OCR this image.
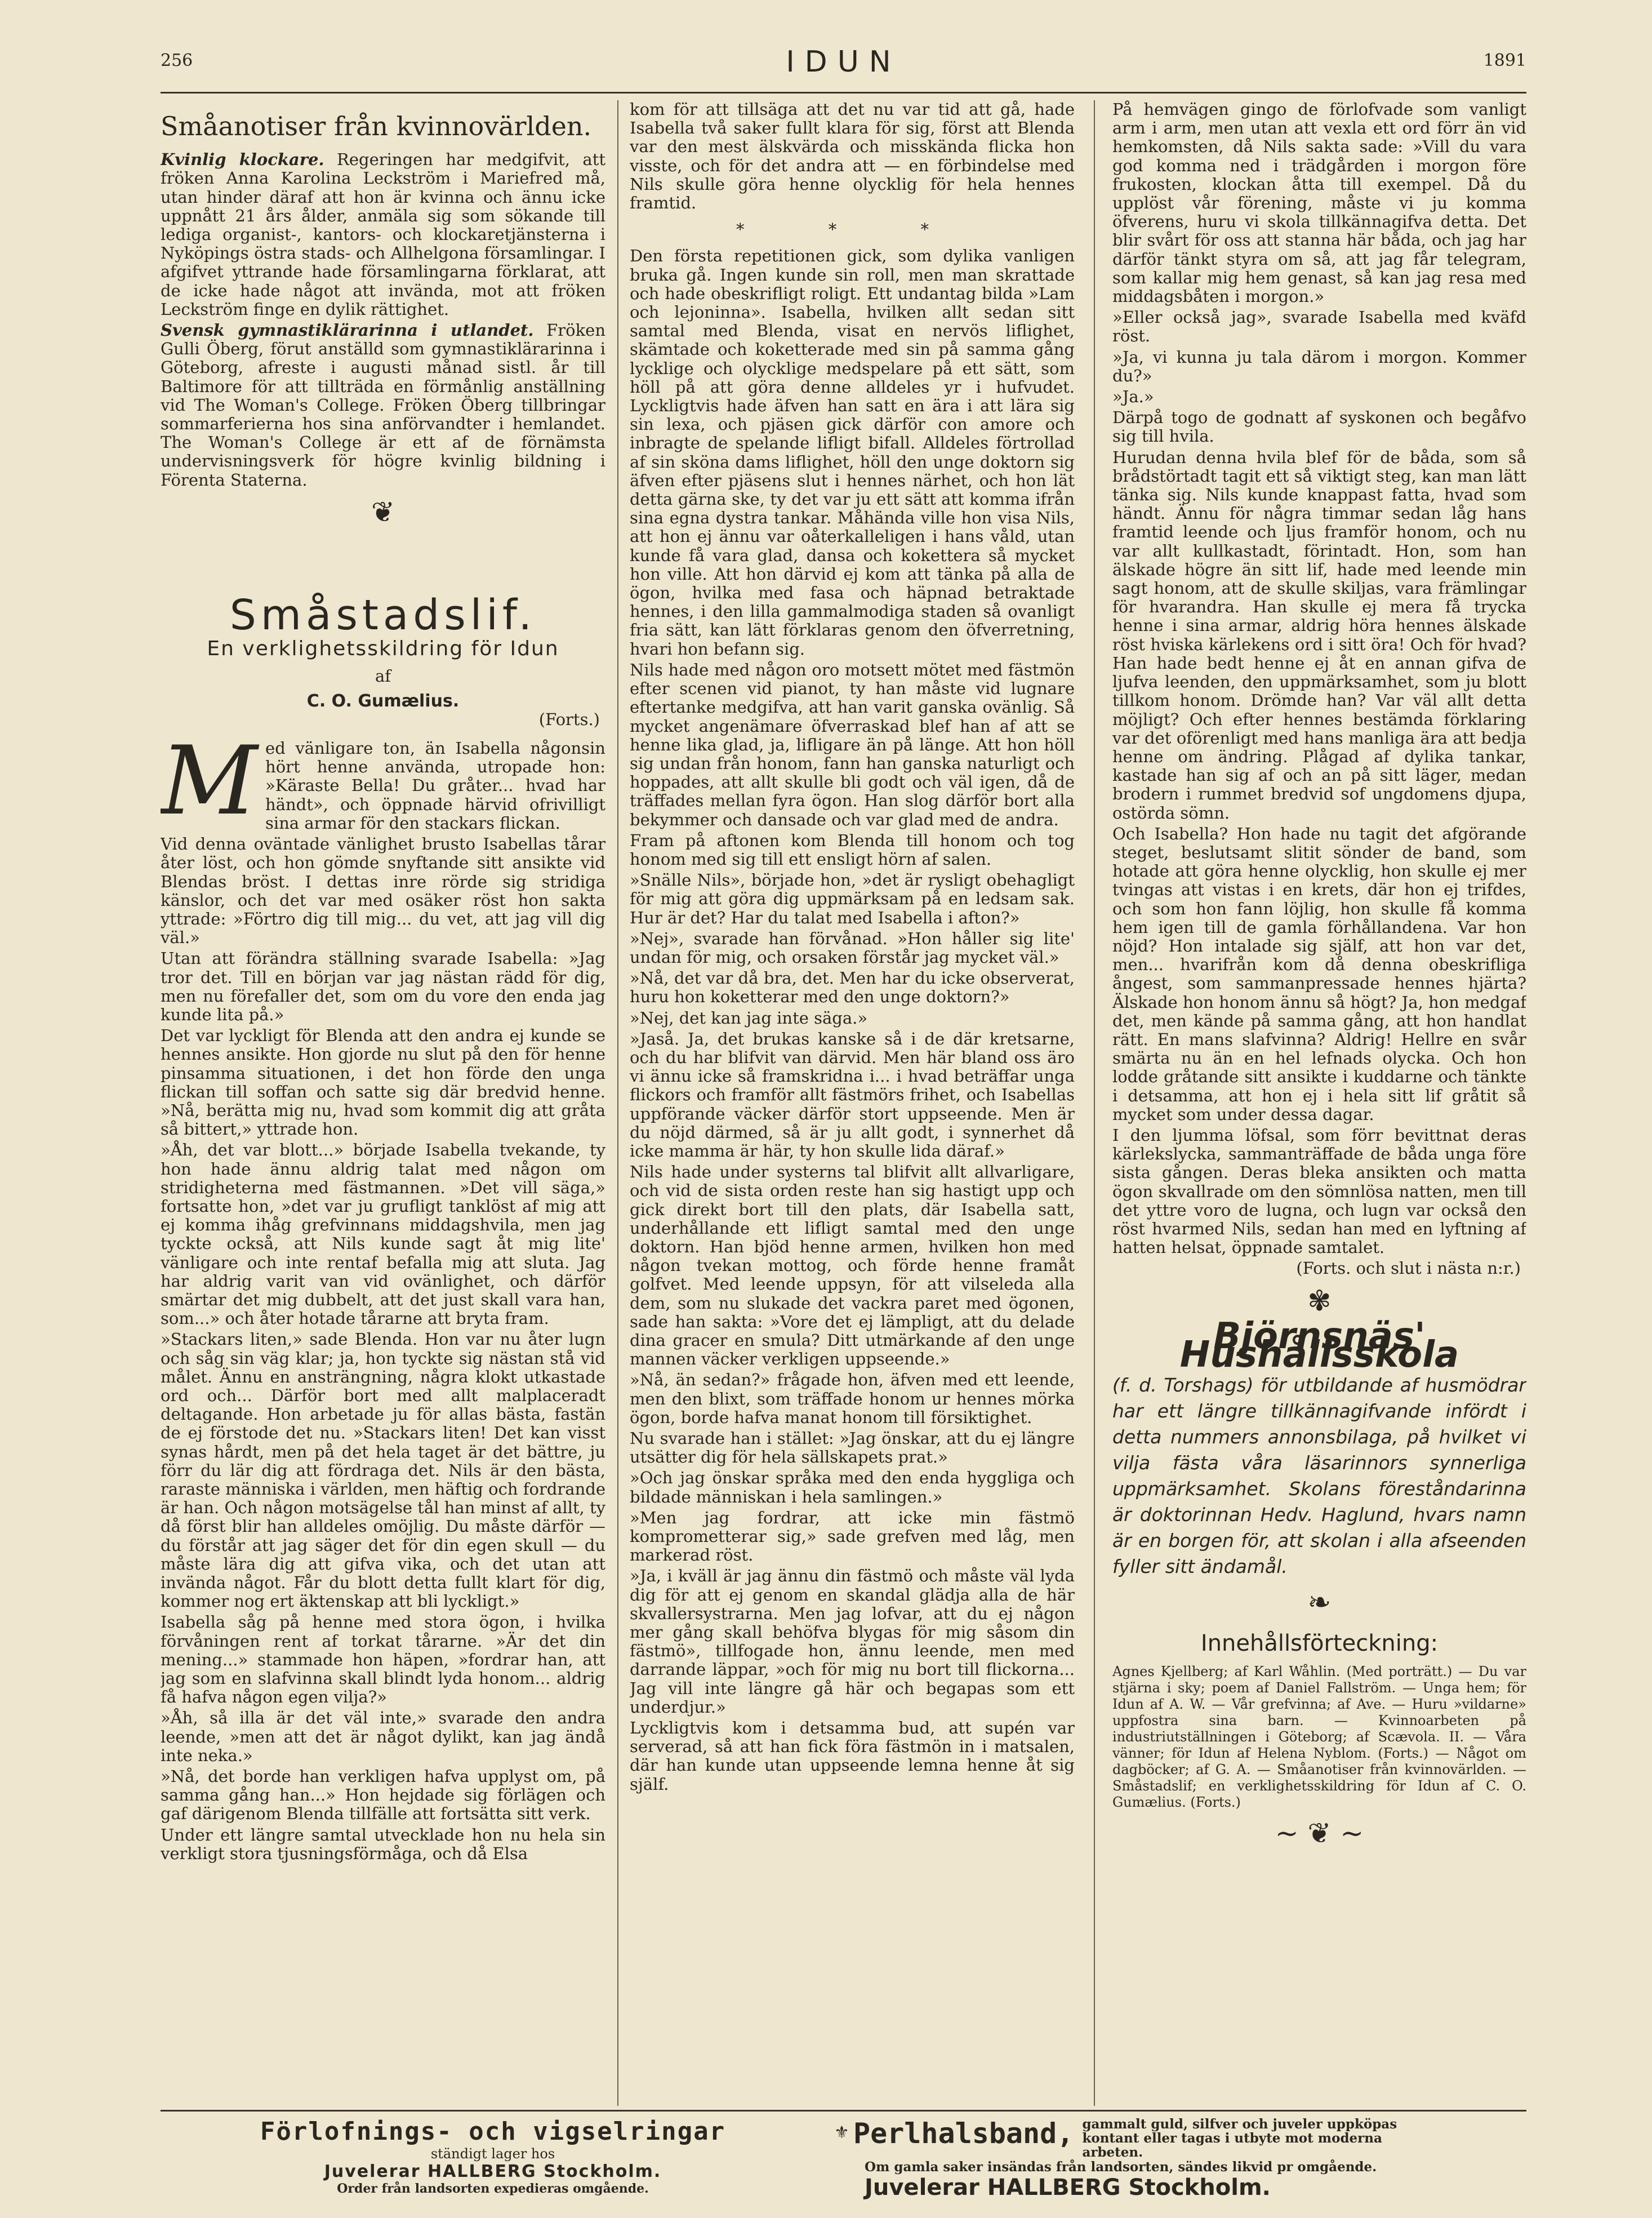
256	IDUN	1891
Småanotiser från kvinnovärlden.

Kvinlig klockare. Regeringen har medgifvit, att fröken Anna Karolina Leckström i Mariefred må, utan hinder däraf att hon är kvinna och ännu icke uppnått 21 års ålder, anmäla sig som sökande till lediga organist-, kantors- och klockaretjänsterna i Nyköpings östra stads- och Allhelgona församlingar. I afgifvet yttrande hade församlingarna förklarat, att de icke hade något att invända, mot att fröken Leckström finge en dylik rättighet.

Svensk gymnastiklärarinna i utlandet. Fröken Gulli Öberg, förut anställd som gymnastiklärarinna i Göteborg, afreste i augusti månad sistl. år till Baltimore för att tillträda en förmånlig anställning vid The Woman's College. Fröken Öberg tillbringar sommarferierna hos sina anförvandter i hemlandet. The Woman's College är ett af de förnämsta undervisningsverk för högre kvinlig bildning i Förenta Staterna.

❦
Småstadslif.
En verklighetsskildring för Idun
af
C. O. Gumælius.
(Forts.)

Med vänligare ton, än Isabella någonsin hört henne använda, utropade hon: »Käraste Bella! Du gråter... hvad har händt», och öppnade härvid ofrivilligt sina armar för den stackars flickan.

Vid denna oväntade vänlighet brusto Isabellas tårar åter löst, och hon gömde snyftande sitt ansikte vid Blendas bröst. I dettas inre rörde sig stridiga känslor, och det var med osäker röst hon sakta yttrade: »Förtro dig till mig... du vet, att jag vill dig väl.»

Utan att förändra ställning svarade Isabella: »Jag tror det. Till en början var jag nästan rädd för dig, men nu förefaller det, som om du vore den enda jag kunde lita på.»

Det var lyckligt för Blenda att den andra ej kunde se hennes ansikte. Hon gjorde nu slut på den för henne pinsamma situationen, i det hon förde den unga flickan till soffan och satte sig där bredvid henne. »Nå, berätta mig nu, hvad som kommit dig att gråta så bittert,» yttrade hon.

»Åh, det var blott...» började Isabella tvekande, ty hon hade ännu aldrig talat med någon om stridigheterna med fästmannen. »Det vill säga,» fortsatte hon, »det var ju grufligt tanklöst af mig att ej komma ihåg grefvinnans middagshvila, men jag tyckte också, att Nils kunde sagt åt mig lite' vänligare och inte rentaf befalla mig att sluta. Jag har aldrig varit van vid ovänlighet, och därför smärtar det mig dubbelt, att det just skall vara han, som...» och åter hotade tårarne att bryta fram.

»Stackars liten,» sade Blenda. Hon var nu åter lugn och såg sin väg klar; ja, hon tyckte sig nästan stå vid målet. Ännu en ansträngning, några klokt utkastade ord och... Därför bort med allt malplaceradt deltagande. Hon arbetade ju för allas bästa, fastän de ej förstode det nu. »Stackars liten! Det kan visst synas hårdt, men på det hela taget är det bättre, ju förr du lär dig att fördraga det. Nils är den bästa, raraste människa i världen, men häftig och fordrande är han. Och någon motsägelse tål han minst af allt, ty då först blir han alldeles omöjlig. Du måste därför — du förstår att jag säger det för din egen skull — du måste lära dig att gifva vika, och det utan att invända något. Får du blott detta fullt klart för dig, kommer nog ert äktenskap att bli lyckligt.»

Isabella såg på henne med stora ögon, i hvilka förvåningen rent af torkat tårarne. »Är det din mening...» stammade hon häpen, »fordrar han, att jag som en slafvinna skall blindt lyda honom... aldrig få hafva någon egen vilja?»

»Åh, så illa är det väl inte,» svarade den andra leende, »men att det är något dylikt, kan jag ändå inte neka.»

»Nå, det borde han verkligen hafva upplyst om, på samma gång han...» Hon hejdade sig förlägen och gaf därigenom Blenda tillfälle att fortsätta sitt verk.

Under ett längre samtal utvecklade hon nu hela sin verkligt stora tjusningsförmåga, och då Elsa

kom för att tillsäga att det nu var tid att gå, hade Isabella två saker fullt klara för sig, först att Blenda var den mest älskvärda och misskända flicka hon visste, och för det andra att — en förbindelse med Nils skulle göra henne olycklig för hela hennes framtid.

* * *

Den första repetitionen gick, som dylika vanligen bruka gå. Ingen kunde sin roll, men man skrattade och hade obeskrifligt roligt. Ett undantag bilda »Lam och lejoninna». Isabella, hvilken allt sedan sitt samtal med Blenda, visat en nervös liflighet, skämtade och koketterade med sin på samma gång lycklige och olycklige medspelare på ett sätt, som höll på att göra denne alldeles yr i hufvudet. Lyckligtvis hade äfven han satt en ära i att lära sig sin lexa, och pjäsen gick därför con amore och inbragte de spelande lifligt bifall. Alldeles förtrollad af sin sköna dams liflighet, höll den unge doktorn sig äfven efter pjäsens slut i hennes närhet, och hon lät detta gärna ske, ty det var ju ett sätt att komma ifrån sina egna dystra tankar. Måhända ville hon visa Nils, att hon ej ännu var oåterkalleligen i hans våld, utan kunde få vara glad, dansa och kokettera så mycket hon ville. Att hon därvid ej kom att tänka på alla de ögon, hvilka med fasa och häpnad betraktade hennes, i den lilla gammalmodiga staden så ovanligt fria sätt, kan lätt förklaras genom den öfverretning, hvari hon befann sig.

Nils hade med någon oro motsett mötet med fästmön efter scenen vid pianot, ty han måste vid lugnare eftertanke medgifva, att han varit ganska ovänlig. Så mycket angenämare öfverraskad blef han af att se henne lika glad, ja, lifligare än på länge. Att hon höll sig undan från honom, fann han ganska naturligt och hoppades, att allt skulle bli godt och väl igen, då de träffades mellan fyra ögon. Han slog därför bort alla bekymmer och dansade och var glad med de andra.

Fram på aftonen kom Blenda till honom och tog honom med sig till ett ensligt hörn af salen.

»Snälle Nils», började hon, »det är rysligt obehagligt för mig att göra dig uppmärksam på en ledsam sak. Hur är det? Har du talat med Isabella i afton?»

»Nej», svarade han förvånad. »Hon håller sig lite' undan för mig, och orsaken förstår jag mycket väl.»

»Nå, det var då bra, det. Men har du icke observerat, huru hon koketterar med den unge doktorn?»

»Nej, det kan jag inte säga.»

»Jaså. Ja, det brukas kanske så i de där kretsarne, och du har blifvit van därvid. Men här bland oss äro vi ännu icke så framskridna i... i hvad beträffar unga flickors och framför allt fästmörs frihet, och Isabellas uppförande väcker därför stort uppseende. Men är du nöjd därmed, så är ju allt godt, i synnerhet då icke mamma är här, ty hon skulle lida däraf.»

Nils hade under systerns tal blifvit allt allvarligare, och vid de sista orden reste han sig hastigt upp och gick direkt bort till den plats, där Isabella satt, underhållande ett lifligt samtal med den unge doktorn. Han bjöd henne armen, hvilken hon med någon tvekan mottog, och förde henne framåt golfvet. Med leende uppsyn, för att vilseleda alla dem, som nu slukade det vackra paret med ögonen, sade han sakta: »Vore det ej lämpligt, att du delade dina gracer en smula? Ditt utmärkande af den unge mannen väcker verkligen uppseende.»

»Nå, än sedan?» frågade hon, äfven med ett leende, men den blixt, som träffade honom ur hennes mörka ögon, borde hafva manat honom till försiktighet.

Nu svarade han i stället: »Jag önskar, att du ej längre utsätter dig för hela sällskapets prat.»

»Och jag önskar språka med den enda hyggliga och bildade människan i hela samlingen.»

»Men jag fordrar, att icke min fästmö komprometterar sig,» sade grefven med låg, men markerad röst.

»Ja, i kväll är jag ännu din fästmö och måste väl lyda dig för att ej genom en skandal glädja alla de här skvallersystrarna. Men jag lofvar, att du ej någon mer gång skall behöfva blygas för mig såsom din fästmö», tillfogade hon, ännu leende, men med darrande läppar, »och för mig nu bort till flickorna... Jag vill inte längre gå här och begapas som ett underdjur.»

Lyckligtvis kom i detsamma bud, att supén var serverad, så att han fick föra fästmön in i matsalen, där han kunde utan uppseende lemna henne åt sig själf.

På hemvägen gingo de förlofvade som vanligt arm i arm, men utan att vexla ett ord förr än vid hemkomsten, då Nils sakta sade: »Vill du vara god komma ned i trädgården i morgon före frukosten, klockan åtta till exempel. Då du upplöst vår förening, måste vi ju komma öfverens, huru vi skola tillkännagifva detta. Det blir svårt för oss att stanna här båda, och jag har därför tänkt styra om så, att jag får telegram, som kallar mig hem genast, så kan jag resa med middagsbåten i morgon.»

»Eller också jag», svarade Isabella med kväfd röst.

»Ja, vi kunna ju tala därom i morgon. Kommer du?»

»Ja.»

Därpå togo de godnatt af syskonen och begåfvo sig till hvila.

Hurudan denna hvila blef för de båda, som så brådstörtadt tagit ett så viktigt steg, kan man lätt tänka sig. Nils kunde knappast fatta, hvad som händt. Ännu för några timmar sedan låg hans framtid leende och ljus framför honom, och nu var allt kullkastadt, förintadt. Hon, som han älskade högre än sitt lif, hade med leende min sagt honom, att de skulle skiljas, vara främlingar för hvarandra. Han skulle ej mera få trycka henne i sina armar, aldrig höra hennes älskade röst hviska kärlekens ord i sitt öra! Och för hvad? Han hade bedt henne ej åt en annan gifva de ljufva leenden, den uppmärksamhet, som ju blott tillkom honom. Drömde han? Var väl allt detta möjligt? Och efter hennes bestämda förklaring var det oförenligt med hans manliga ära att bedja henne om ändring. Plågad af dylika tankar, kastade han sig af och an på sitt läger, medan brodern i rummet bredvid sof ungdomens djupa, ostörda sömn.

Och Isabella? Hon hade nu tagit det afgörande steget, beslutsamt slitit sönder de band, som hotade att göra henne olycklig, hon skulle ej mer tvingas att vistas i en krets, där hon ej trifdes, och som hon fann löjlig, hon skulle få komma hem igen till de gamla förhållandena. Var hon nöjd? Hon intalade sig själf, att hon var det, men... hvarifrån kom då denna obeskrifliga ångest, som sammanpressade hennes hjärta? Älskade hon honom ännu så högt? Ja, hon medgaf det, men kände på samma gång, att hon handlat rätt. En mans slafvinna? Aldrig! Hellre en svår smärta nu än en hel lefnads olycka. Och hon lodde gråtande sitt ansikte i kuddarne och tänkte i detsamma, att hon ej i hela sitt lif gråtit så mycket som under dessa dagar.

I den ljumma löfsal, som förr bevittnat deras kärlekslycka, sammanträffade de båda unga före sista gången. Deras bleka ansikten och matta ögon skvallrade om den sömnlösa natten, men till det yttre voro de lugna, och lugn var också den röst hvarmed Nils, sedan han med en lyftning af hatten helsat, öppnade samtalet.

(Forts. och slut i nästa n:r.)
✾
Björnsnäs' Hushållsskola
(f. d. Torshags) för utbildande af husmödrar har ett längre tillkännagifvande infördt i detta nummers annonsbilaga, på hvilket vi vilja fästa våra läsarinnors synnerliga uppmärksamhet. Skolans föreståndarinna är doktorinnan Hedv. Haglund, hvars namn är en borgen för, att skolan i alla afseenden fyller sitt ändamål.
❧
Innehållsförteckning:
Agnes Kjellberg; af Karl Wåhlin. (Med porträtt.) — Du var stjärna i sky; poem af Daniel Fallström. — Unga hem; för Idun af A. W. — Vår grefvinna; af Ave. — Huru »vildarne» uppfostra sina barn. — Kvinnoarbeten på industriutställningen i Göteborg; af Scævola. II. — Våra vänner; för Idun af Helena Nyblom. (Forts.) — Något om dagböcker; af G. A. — Småanotiser från kvinnovärlden. — Småstadslif; en verklighetsskildring för Idun af C. O. Gumælius. (Forts.)
~ ❦ ~
Förlofnings- och vigselringar
ständigt lager hos
Juvelerar HALLBERG Stockholm.
Order från landsorten expedieras omgående.
⚜ Perlhalsband, gammalt guld, silfver och juveler uppköpas kontant eller tagas i utbyte mot moderna arbeten.
Om gamla saker insändas från landsorten, sändes likvid pr omgående.
Juvelerar HALLBERG Stockholm.
